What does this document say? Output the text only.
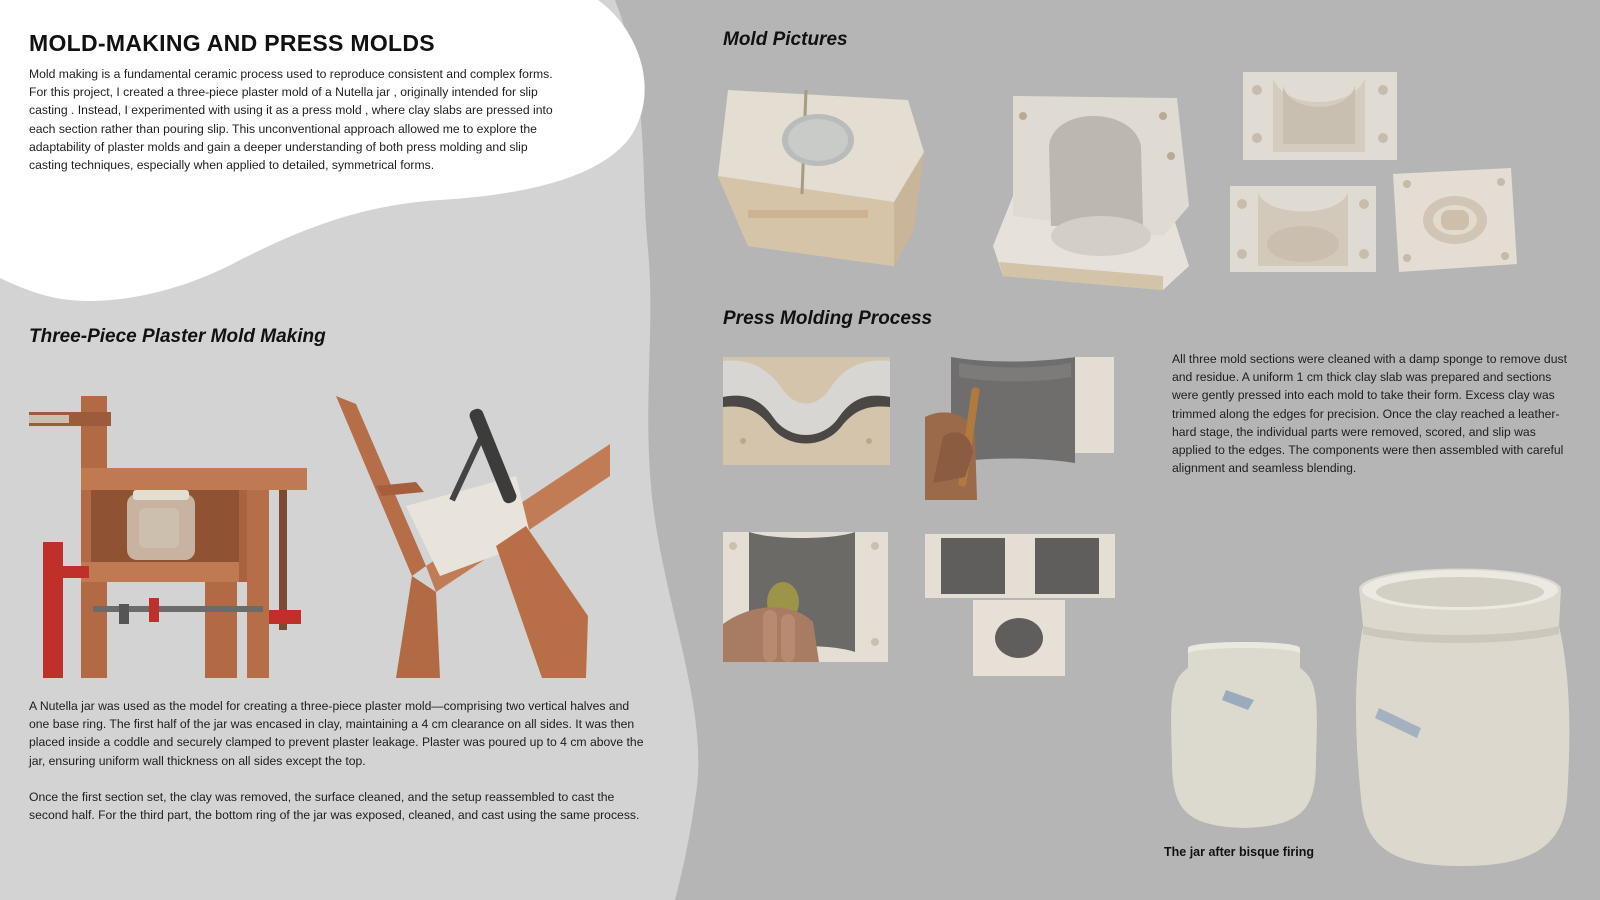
MOLD-MAKING AND PRESS MOLDS

Mold making is a fundamental ceramic process used to reproduce consistent and complex forms. For this project, I created a three-piece plaster mold of a Nutella jar , originally intended for slip casting . Instead, I experimented with using it as a press mold , where clay slabs are pressed into each section rather than pouring slip. This unconventional approach allowed me to explore the adaptability of plaster molds and gain a deeper understanding of both press molding and slip casting techniques, especially when applied to detailed, symmetrical forms.

Three-Piece Plaster Mold Making

A Nutella jar was used as the model for creating a three-piece plaster mold—comprising two vertical halves and one base ring. The first half of the jar was encased in clay, maintaining a 4 cm clearance on all sides. It was then placed inside a coddle and securely clamped to prevent plaster leakage. Plaster was poured up to 4 cm above the jar, ensuring uniform wall thickness on all sides except the top.

Once the first section set, the clay was removed, the surface cleaned, and the setup reassembled to cast the second half. For the third part, the bottom ring of the jar was exposed, cleaned, and cast using the same process.

Mold Pictures
Press Molding Process

All three mold sections were cleaned with a damp sponge to remove dust and residue. A uniform 1 cm thick clay slab was prepared and sections were gently pressed into each mold to take their form. Excess clay was trimmed along the edges for precision. Once the clay reached a leather-hard stage, the individual parts were removed, scored, and slip was applied to the edges. The components were then assembled with careful alignment and seamless blending.

The jar after bisque firing
